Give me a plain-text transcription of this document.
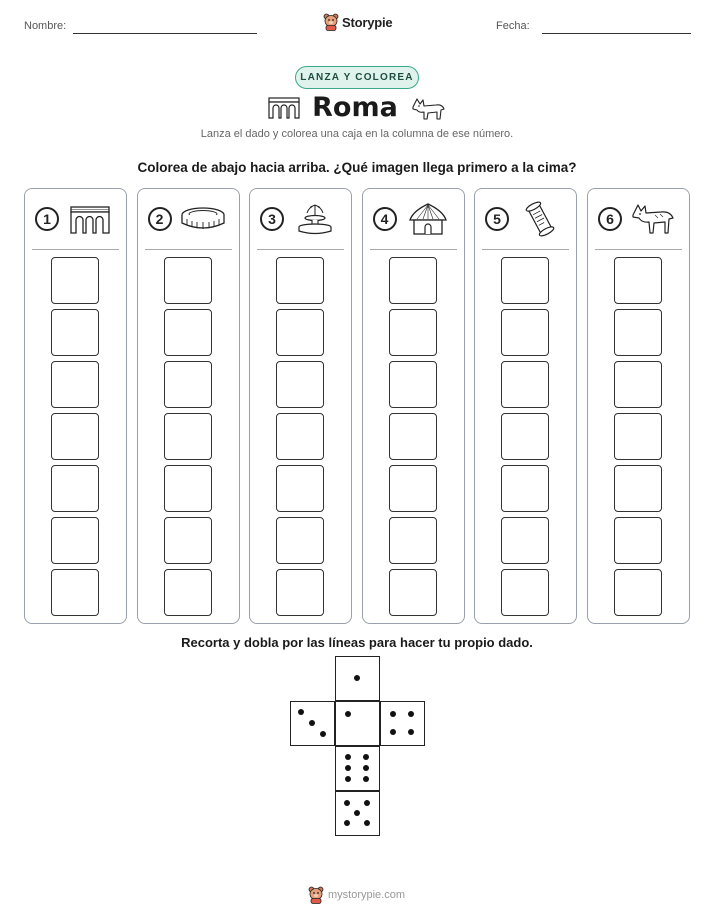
Nombre:	Storypie	Fecha:
LANZA Y COLOREA
Roma
Lanza el dado y colorea una caja en la columna de ese número.
Colorea de abajo hacia arriba. ¿Qué imagen llega primero a la cima?
1	2	3	4	5	6
Recorta y dobla por las líneas para hacer tu propio dado.
mystorypie.com
